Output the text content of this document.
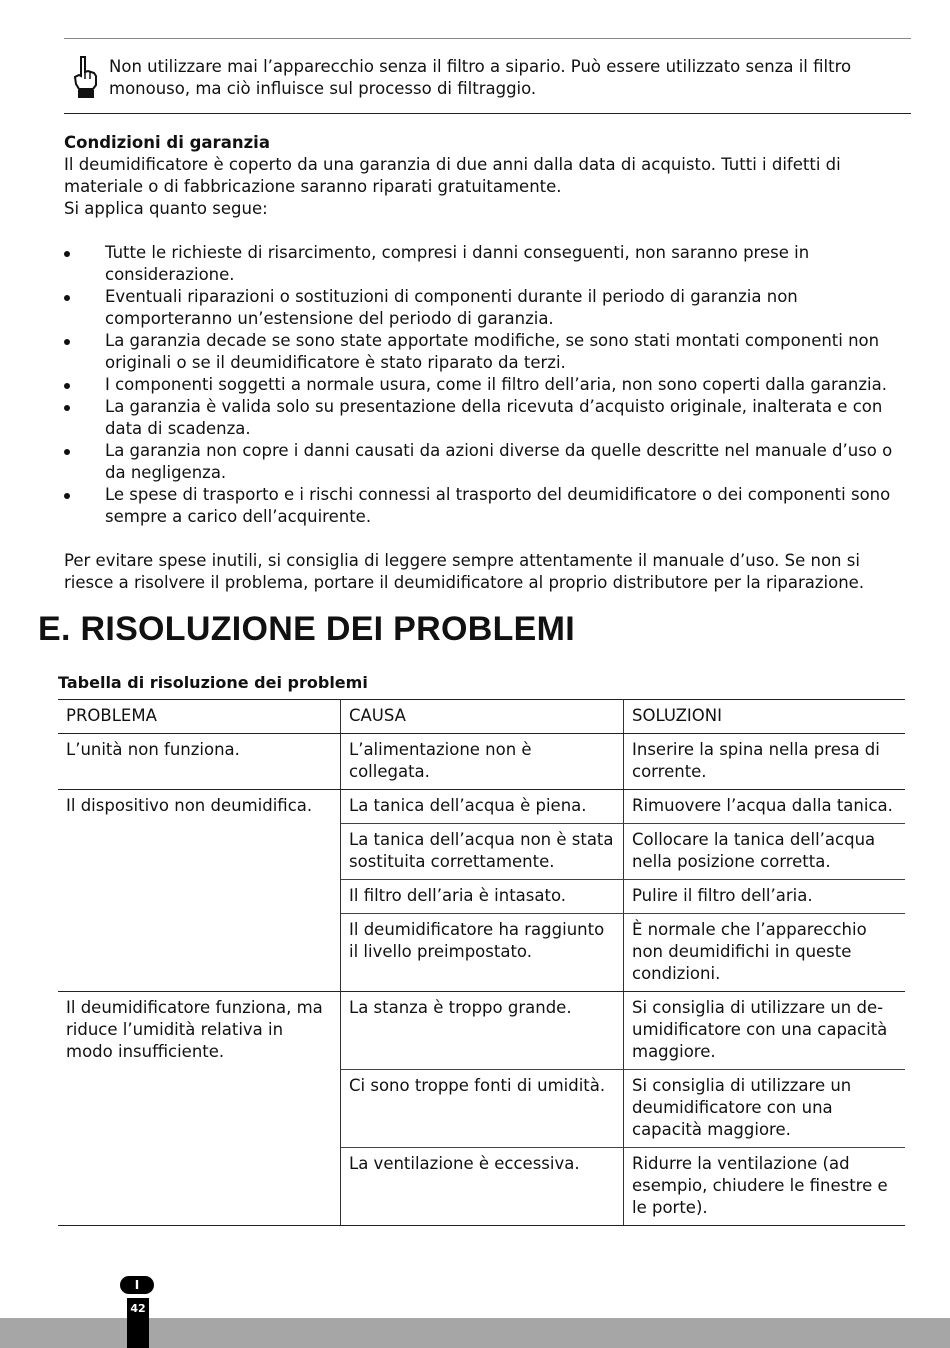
Non utilizzare mai l’apparecchio senza il filtro a sipario. Può essere utilizzato senza il filtro monouso, ma ciò influisce sul processo di filtraggio.
Condizioni di garanzia

Il deumidificatore è coperto da una garanzia di due anni dalla data di acquisto. Tutti i difetti di materiale o di fabbricazione saranno riparati gratuitamente.

Si applica quanto segue:

Tutte le richieste di risarcimento, compresi i danni conseguenti, non saranno prese in considerazione.
Eventuali riparazioni o sostituzioni di componenti durante il periodo di garanzia non comporteranno un’estensione del periodo di garanzia.
La garanzia decade se sono state apportate modifiche, se sono stati montati componenti non originali o se il deumidificatore è stato riparato da terzi.
I componenti soggetti a normale usura, come il filtro dell’aria, non sono coperti dalla garanzia.
La garanzia è valida solo su presentazione della ricevuta d’acquisto originale, inalterata e con data di scadenza.
La garanzia non copre i danni causati da azioni diverse da quelle descritte nel manuale d’uso o da negligenza.
Le spese di trasporto e i rischi connessi al trasporto del deumidificatore o dei componenti sono sempre a carico dell’acquirente.

Per evitare spese inutili, si consiglia di leggere sempre attentamente il manuale d’uso. Se non si riesce a risolvere il problema, portare il deumidificatore al proprio distributore per la riparazione.

E. RISOLUZIONE DEI PROBLEMI
Tabella di risoluzione dei problemi
PROBLEMA	CAUSA	SOLUZIONI
L’unità non funziona.	L’alimentazione non è collegata.	Inserire la spina nella presa di corrente.
Il dispositivo non deumidifica.	La tanica dell’acqua è piena.	Rimuovere l’acqua dalla tanica.
	La tanica dell’acqua non è stata sostituita correttamente.	Collocare la tanica dell’acqua nella posizione corretta.
	Il filtro dell’aria è intasato.	Pulire il filtro dell’aria.
	Il deumidificatore ha raggiunto il livello preimpostato.	È normale che l’apparecchio non deumidifichi in queste condizioni.
Il deumidificatore funziona, ma riduce l’umidità relativa in modo insufficiente.	La stanza è troppo grande.	Si consiglia di utilizzare un de-umidificatore con una capacità maggiore.
	Ci sono troppe fonti di umidità.	Si consiglia di utilizzare un deumidificatore con una capacità maggiore.
	La ventilazione è eccessiva.	Ridurre la ventilazione (ad esempio, chiudere le finestre e le porte).
I
42
